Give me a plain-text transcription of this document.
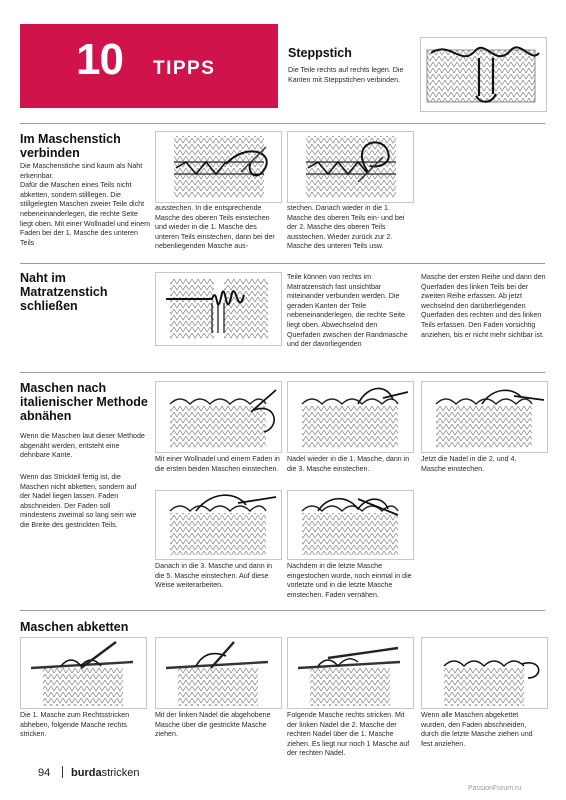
10 TIPPS
Steppstich
Die Teile rechts auf rechts legen. Die Kanten mit Steppstichen verbinden.
Im Maschenstich verbinden
Die Maschenstiche sind kaum als Naht erkennbar.
Dafür die Maschen eines Teils nicht abketten, sondern stilllegen. Die stillgelegten Maschen zweier Teile dicht nebeneinanderlegen, die rechte Seite liegt oben. Mit einer Wollnadel und einem Faden bei der 1. Masche des unteren Teils
ausstechen. In die entsprechende Masche des oberen Teils einstechen und wieder in die 1. Masche des unteren Teils einstechen, dann bei der nebenliegenden Masche aus-
stechen. Danach wieder in die 1. Masche des oberen Teils ein- und bei der 2. Masche des oberen Teils ausstechen. Wieder zurück zur 2. Masche des unteren Teils usw.
Naht im Matratzenstich schließen
Teile können von rechts im Matratzenstich fast unsichtbar miteinander verbunden werden. Die geraden Kanten der Teile nebeneinanderlegen, die rechte Seite liegt oben. Abwechselnd den Querfaden zwischen der Randmasche und der davorliegenden
Masche der ersten Reihe und dann den Querfaden des linken Teils bei der zweiten Reihe erfassen. Ab jetzt wechselnd den darüberliegenden Querfaden des rechten und des linken Teils erfassen. Den Faden vorsichtig anziehen, bis er nicht mehr sichtbar ist.
Maschen nach italienischer Methode abnähen
Wenn die Maschen laut dieser Methode abgenäht werden, entsteht eine dehnbare Kante.
Wenn das Strickteil fertig ist, die Maschen nicht abketten, sondern auf der Nadel liegen lassen. Faden abschneiden. Der Faden soll mindestens zweimal so lang sein wie die Breite des gestrickten Teils.
Mit einer Wollnadel und einem Faden in die ersten beiden Maschen einstechen.
Nadel wieder in die 1. Masche, dann in die 3. Masche einstechen.
Jetzt die Nadel in die 2. und 4. Masche einstechen.
Danach in die 3. Masche und dann in die 5. Masche einstechen. Auf diese Weise weiterarbeiten.
Nachdem in die letzte Masche eingestochen wurde, noch einmal in die vorletzte und in die letzte Masche einstechen. Faden vernähen.
Maschen abketten
Die 1. Masche zum Rechtsstricken abheben, folgende Masche rechts stricken.
Mit der linken Nadel die abgehobene Masche über die gestrickte Masche ziehen.
Folgende Masche rechts stricken. Mit der linken Nadel die 2. Masche der rechten Nadel über die 1. Masche ziehen. Es liegt nur noch 1 Masche auf der rechten Nadel.
Wenn alle Maschen abgekettet wurden, den Faden abschneiden, durch die letzte Masche ziehen und fest anziehen.
94 burdastricken
PassionForum.ru
